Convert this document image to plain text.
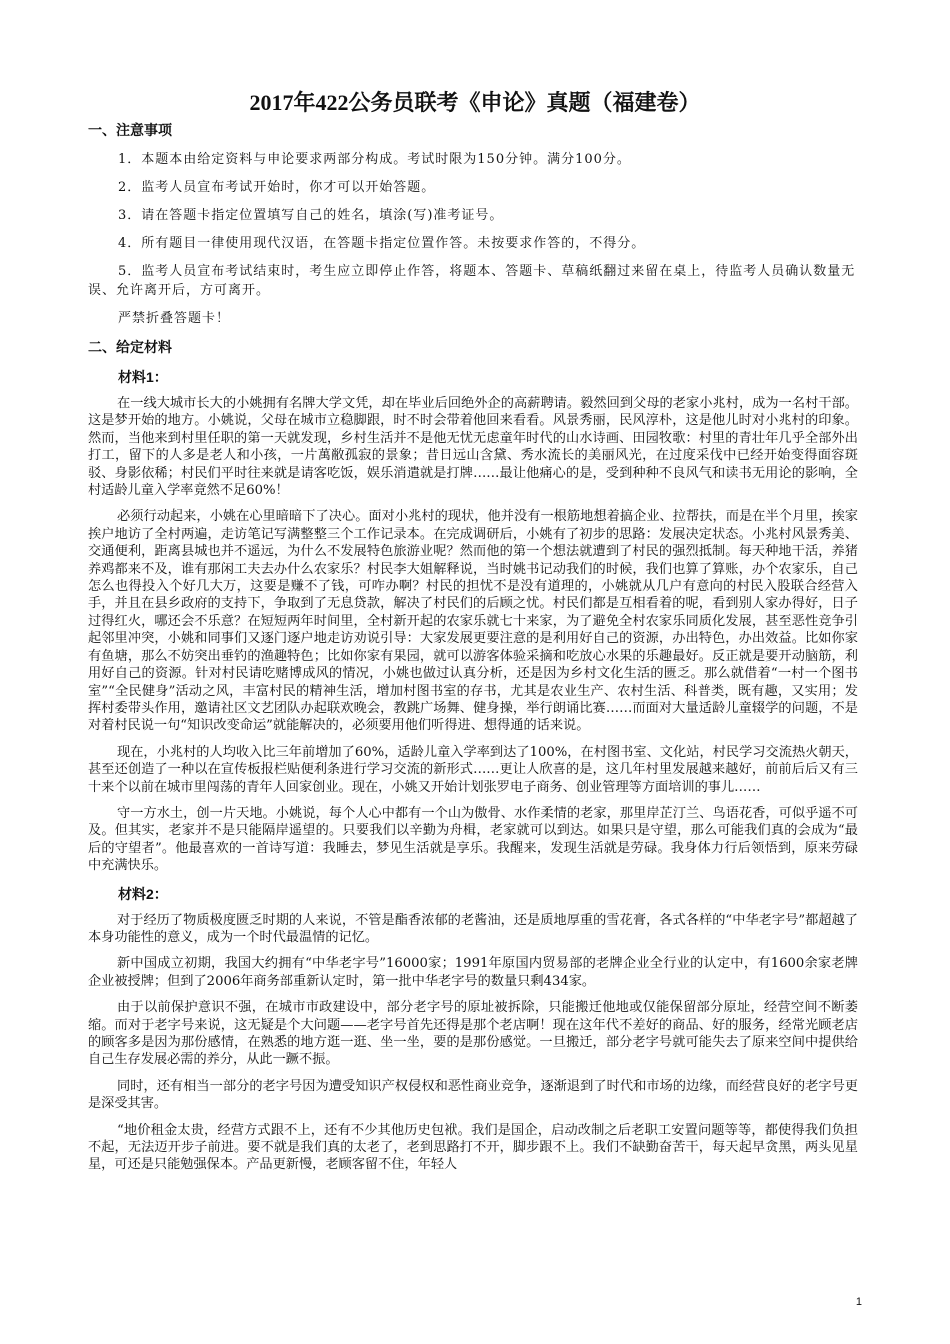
2017年422公务员联考《申论》真题（福建卷）
一、注意事项

1．本题本由给定资料与申论要求两部分构成。考试时限为150分钟。满分100分。

2．监考人员宣布考试开始时，你才可以开始答题。

3．请在答题卡指定位置填写自己的姓名，填涂(写)准考证号。

4．所有题目一律使用现代汉语，在答题卡指定位置作答。未按要求作答的，不得分。

5．监考人员宣布考试结束时，考生应立即停止作答，将题本、答题卡、草稿纸翻过来留在桌上，待监考人员确认数量无误、允许离开后，方可离开。

严禁折叠答题卡！

二、给定材料
材料1：

在一线大城市长大的小姚拥有名牌大学文凭，却在毕业后回绝外企的高薪聘请。毅然回到父母的老家小兆村，成为一名村干部。这是梦开始的地方。小姚说，父母在城市立稳脚跟，时不时会带着他回来看看。风景秀丽，民风淳朴，这是他儿时对小兆村的印象。然而，当他来到村里任职的第一天就发现，乡村生活并不是他无忧无虑童年时代的山水诗画、田园牧歌：村里的青壮年几乎全部外出打工，留下的人多是老人和小孩，一片萬敝孤寂的景象；昔日远山含黛、秀水流长的美丽风光，在过度采伐中已经开始变得面容斑驳、身影依稀；村民们平时往来就是请客吃饭，娱乐消遣就是打牌……最让他痛心的是，受到种种不良风气和读书无用论的影响，全村适龄儿童入学率竟然不足60%！

必须行动起来，小姚在心里暗暗下了决心。面对小兆村的现状，他并没有一根筋地想着搞企业、拉帮扶，而是在半个月里，挨家挨户地访了全村两遍，走访笔记写满整整三个工作记录本。在完成调研后，小姚有了初步的思路：发展决定状态。小兆村风景秀美、交通便利，距离县城也并不遥远，为什么不发展特色旅游业呢？然而他的第一个想法就遭到了村民的强烈抵制。每天种地干活，养猪养鸡都来不及，谁有那闲工夫去办什么农家乐？村民李大姐解释说，当时姚书记动我们的时候，我们也算了算账，办个农家乐，自己怎么也得投入个好几大万，这要是赚不了钱，可咋办啊？村民的担忧不是没有道理的，小姚就从几户有意向的村民入股联合经营入手，并且在县乡政府的支持下，争取到了无息贷款，解决了村民们的后顾之忧。村民们都是互相看着的呢，看到别人家办得好，日子过得红火，哪还会不乐意？在短短两年时间里，全村新开起的农家乐就七十来家，为了避免全村农家乐同质化发展，甚至恶性竞争引起邻里冲突，小姚和同事们又逐门逐户地走访劝说引导：大家发展更要注意的是利用好自己的资源，办出特色，办出效益。比如你家有鱼塘，那么不妨突出垂钓的渔趣特色；比如你家有果园，就可以游客体验采摘和吃放心水果的乐趣最好。反正就是要开动脑筋，利用好自己的资源。针对村民请吃赌博成风的情况，小姚也做过认真分析，还是因为乡村文化生活的匮乏。那么就借着“一村一个图书室”“全民健身”活动之风，丰富村民的精神生活，增加村图书室的存书，尤其是农业生产、农村生活、科普类，既有趣，又实用；发挥村委带头作用，邀请社区文艺团队办起联欢晚会，教跳广场舞、健身操，举行朗诵比赛……而面对大量适龄儿童辍学的问题，不是对着村民说一句“知识改变命运”就能解决的，必须要用他们听得进、想得通的话来说。

现在，小兆村的人均收入比三年前增加了60%，适龄儿童入学率到达了100%，在村图书室、文化站，村民学习交流热火朝天，甚至还创造了一种以在宣传板报栏贴便利条进行学习交流的新形式……更让人欣喜的是，这几年村里发展越来越好，前前后后又有三十来个以前在城市里闯荡的青年人回家创业。现在，小姚又开始计划张罗电子商务、创业管理等方面培训的事儿……

守一方水土，创一片天地。小姚说，每个人心中都有一个山为傲骨、水作柔情的老家，那里岸芷汀兰、鸟语花香，可似乎遥不可及。但其实，老家并不是只能隔岸遥望的。只要我们以辛勤为舟楫，老家就可以到达。如果只是守望，那么可能我们真的会成为“最后的守望者”。他最喜欢的一首诗写道：我睡去，梦见生活就是享乐。我醒来，发现生活就是劳碌。我身体力行后领悟到，原来劳碌中充满快乐。

材料2：

对于经历了物质极度匮乏时期的人来说，不管是酯香浓郁的老酱油，还是质地厚重的雪花膏，各式各样的“中华老字号”都超越了本身功能性的意义，成为一个时代最温情的记忆。

新中国成立初期，我国大约拥有“中华老字号”16000家；1991年原国内贸易部的老牌企业全行业的认定中，有1600余家老牌企业被授牌；但到了2006年商务部重新认定时，第一批中华老字号的数量只剩434家。

由于以前保护意识不强，在城市市政建设中，部分老字号的原址被拆除，只能搬迁他地或仅能保留部分原址，经营空间不断萎缩。而对于老字号来说，这无疑是个大问题——老字号首先还得是那个老店啊！现在这年代不差好的商品、好的服务，经常光顾老店的顾客多是因为那份感情，在熟悉的地方逛一逛、坐一坐，要的是那份感觉。一旦搬迁，部分老字号就可能失去了原来空间中提供给自己生存发展必需的养分，从此一蹶不振。

同时，还有相当一部分的老字号因为遭受知识产权侵权和恶性商业竞争，逐渐退到了时代和市场的边缘，而经营良好的老字号更是深受其害。

“地价租金太贵，经营方式跟不上，还有不少其他历史包袱。我们是国企，启动改制之后老职工安置问题等等，都使得我们负担不起，无法迈开步子前进。要不就是我们真的太老了，老到思路打不开，脚步跟不上。我们不缺勤奋苦干，每天起早贪黑，两头见星星，可还是只能勉强保本。产品更新慢，老顾客留不住，年轻人

1
